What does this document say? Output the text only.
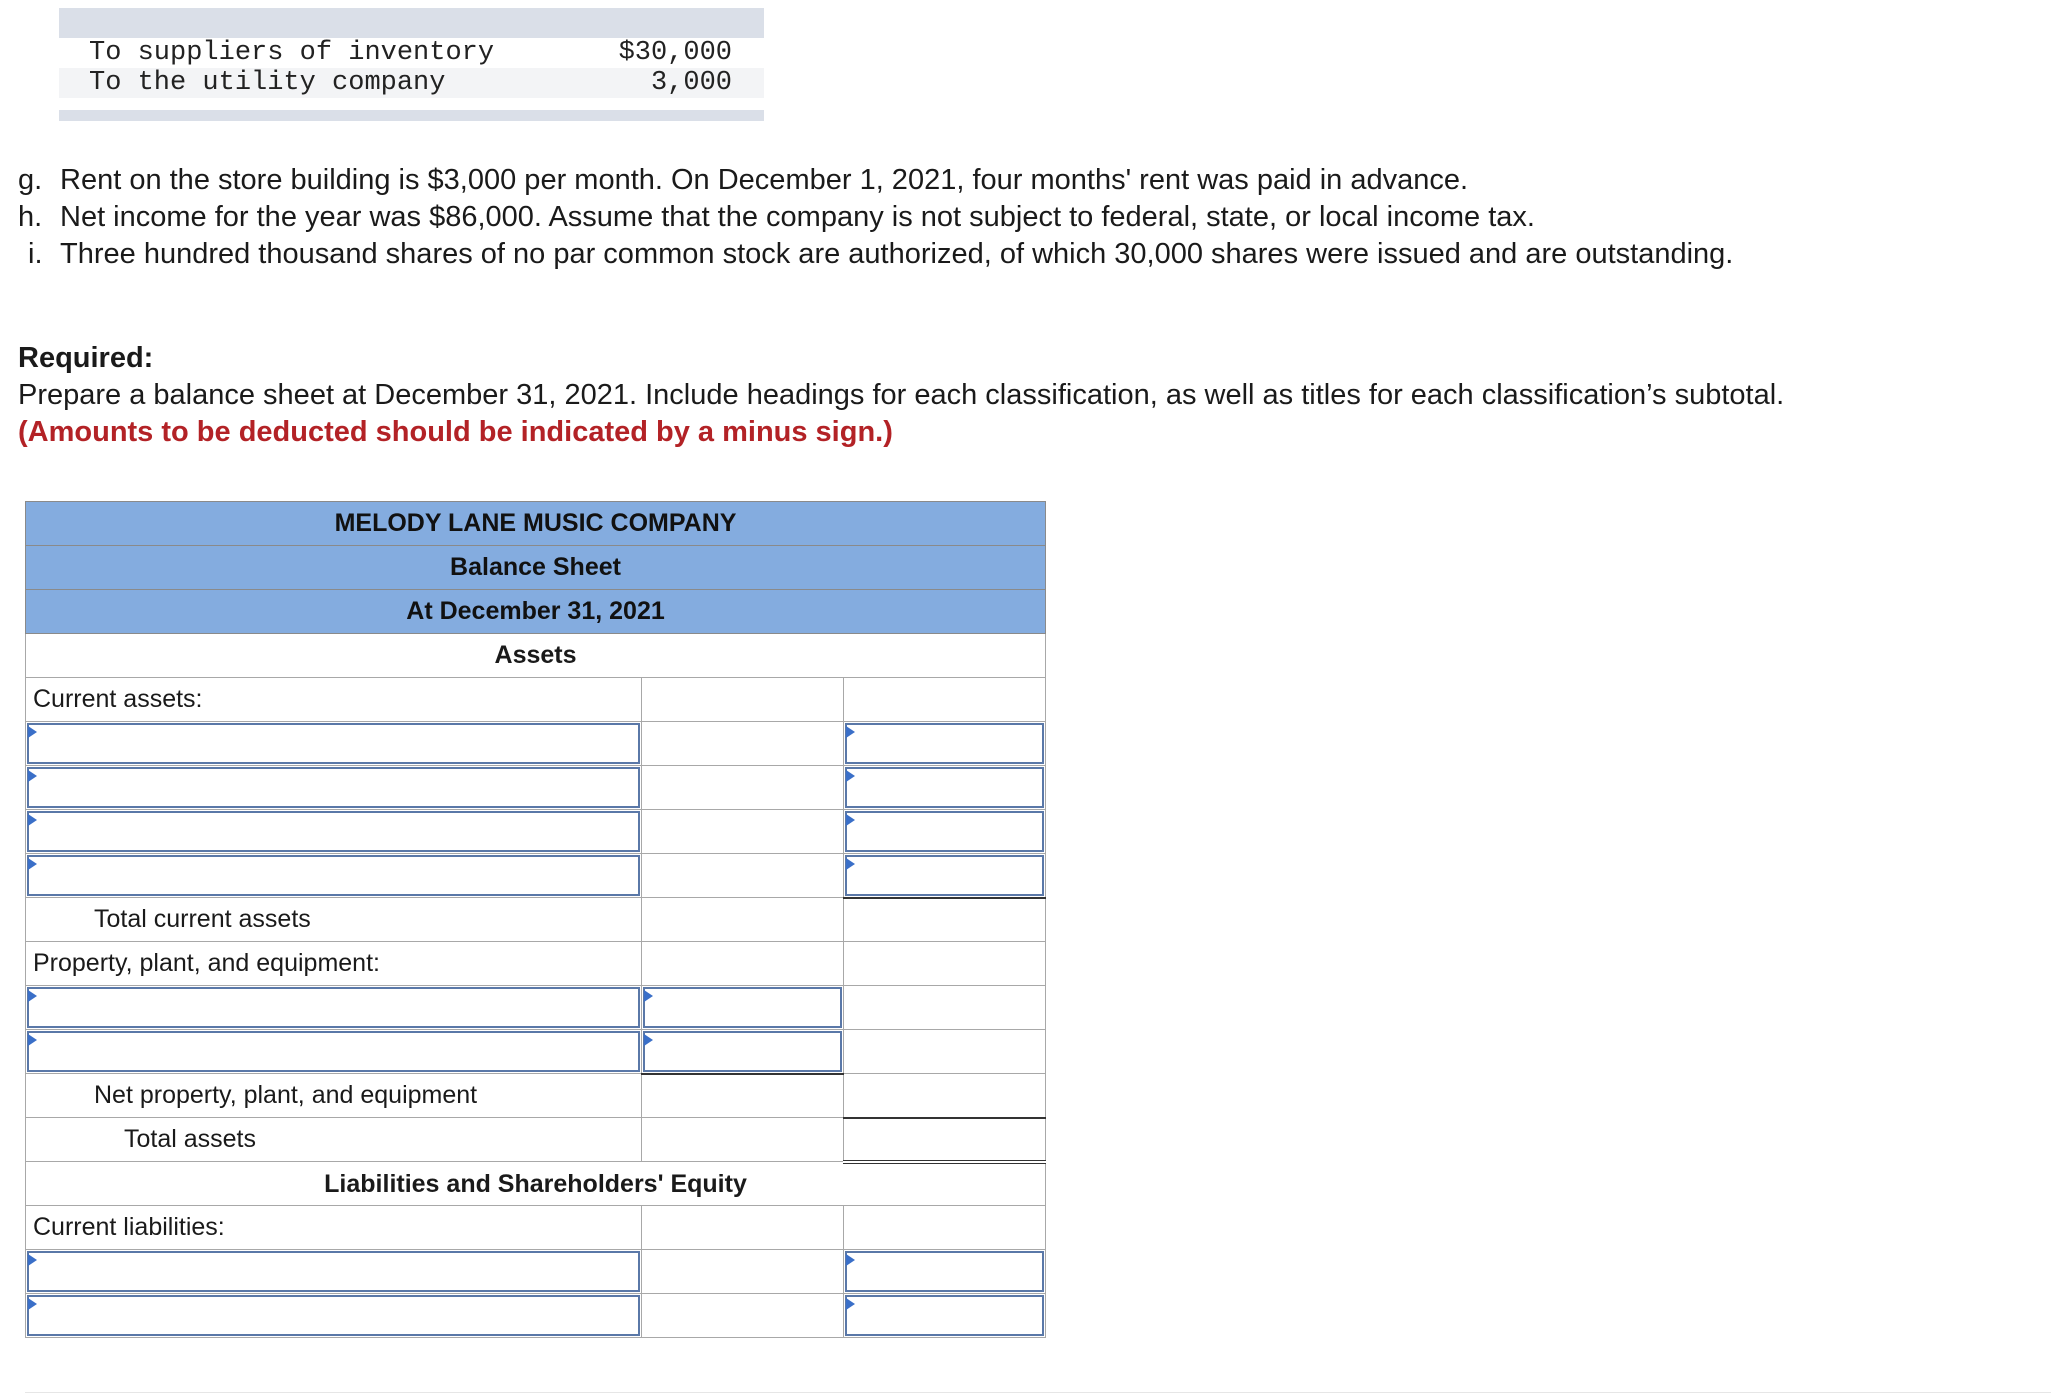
To suppliers of inventory	$30,000
To the utility company	3,000
g. Rent on the store building is $3,000 per month. On December 1, 2021, four months' rent was paid in advance.
h. Net income for the year was $86,000. Assume that the company is not subject to federal, state, or local income tax.
i. Three hundred thousand shares of no par common stock are authorized, of which 30,000 shares were issued and are outstanding.
Required:
Prepare a balance sheet at December 31, 2021. Include headings for each classification, as well as titles for each classification’s subtotal. (Amounts to be deducted should be indicated by a minus sign.)
MELODY LANE MUSIC COMPANY		
Balance Sheet		
At December 31, 2021		
Assets		
Current assets:		

Total current assets		
Property, plant, and equipment:		

Net property, plant, and equipment		
Total assets		
Liabilities and Shareholders' Equity		
Current liabilities:		
